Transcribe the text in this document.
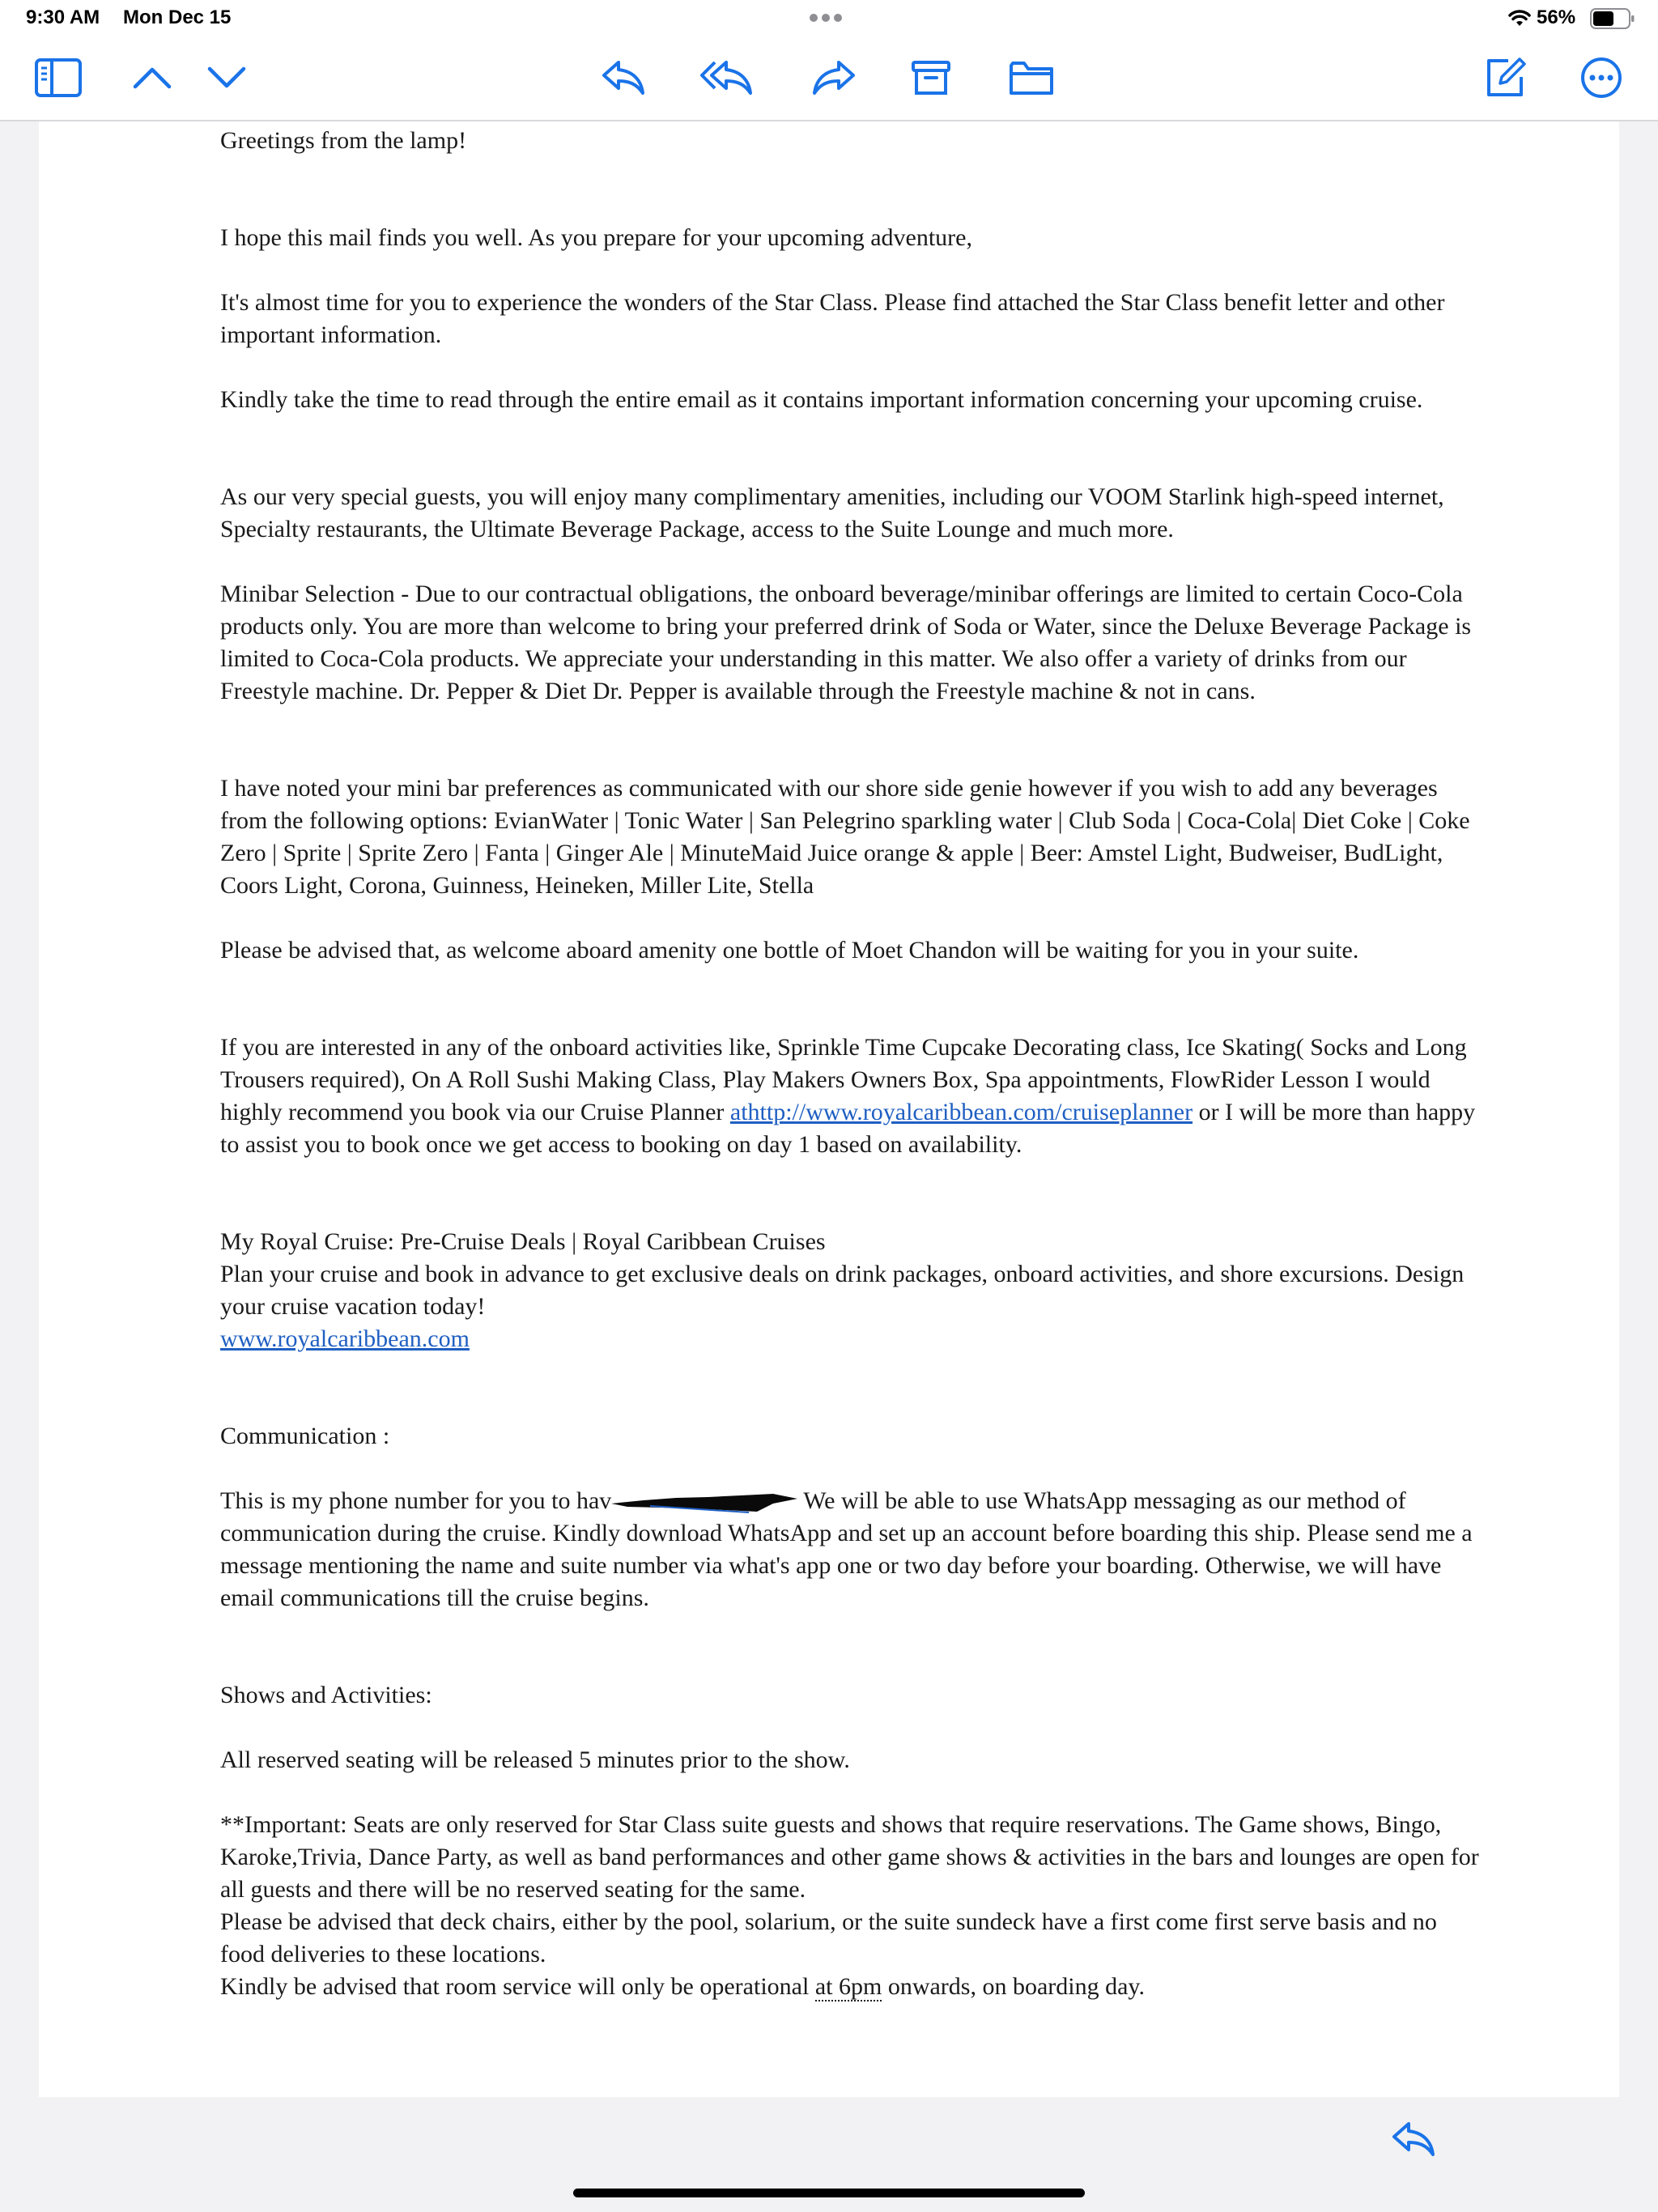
9:30 AM Mon Dec 15	56%

Greetings from the lamp!

I hope this mail finds you well. As you prepare for your upcoming adventure,

It's almost time for you to experience the wonders of the Star Class. Please find attached the Star Class benefit letter and other important information.

Kindly take the time to read through the entire email as it contains important information concerning your upcoming cruise.

As our very special guests, you will enjoy many complimentary amenities, including our VOOM Starlink high-speed internet, Specialty restaurants, the Ultimate Beverage Package, access to the Suite Lounge and much more.

Minibar Selection - Due to our contractual obligations, the onboard beverage/minibar offerings are limited to certain Coco-Cola products only. You are more than welcome to bring your preferred drink of Soda or Water, since the Deluxe Beverage Package is limited to Coca-Cola products. We appreciate your understanding in this matter. We also offer a variety of drinks from our Freestyle machine. Dr. Pepper & Diet Dr. Pepper is available through the Freestyle machine & not in cans.

I have noted your mini bar preferences as communicated with our shore side genie however if you wish to add any beverages from the following options: EvianWater | Tonic Water | San Pelegrino sparkling water | Club Soda | Coca-Cola| Diet Coke | Coke Zero | Sprite | Sprite Zero | Fanta | Ginger Ale | MinuteMaid Juice orange & apple | Beer: Amstel Light, Budweiser, BudLight, Coors Light, Corona, Guinness, Heineken, Miller Lite, Stella

Please be advised that, as welcome aboard amenity one bottle of Moet Chandon will be waiting for you in your suite.

If you are interested in any of the onboard activities like, Sprinkle Time Cupcake Decorating class, Ice Skating( Socks and Long Trousers required), On A Roll Sushi Making Class, Play Makers Owners Box, Spa appointments, FlowRider Lesson I would highly recommend you book via our Cruise Planner athttp://www.royalcaribbean.com/cruiseplanner or I will be more than happy to assist you to book once we get access to booking on day 1 based on availability.

My Royal Cruise: Pre-Cruise Deals | Royal Caribbean Cruises

Plan your cruise and book in advance to get exclusive deals on drink packages, onboard activities, and shore excursions. Design your cruise vacation today!

www.royalcaribbean.com

Communication :

This is my phone number for you to hav	We will be able to use WhatsApp messaging as our method of communication during the cruise. Kindly download WhatsApp and set up an account before boarding this ship. Please send me a message mentioning the name and suite number via what's app one or two day before your boarding. Otherwise, we will have email communications till the cruise begins.

Shows and Activities:

All reserved seating will be released 5 minutes prior to the show.

**Important: Seats are only reserved for Star Class suite guests and shows that require reservations. The Game shows, Bingo, Karoke,Trivia, Dance Party, as well as band performances and other game shows & activities in the bars and lounges are open for all guests and there will be no reserved seating for the same.

Please be advised that deck chairs, either by the pool, solarium, or the suite sundeck have a first come first serve basis and no food deliveries to these locations.

Kindly be advised that room service will only be operational at 6pm onwards, on boarding day.
